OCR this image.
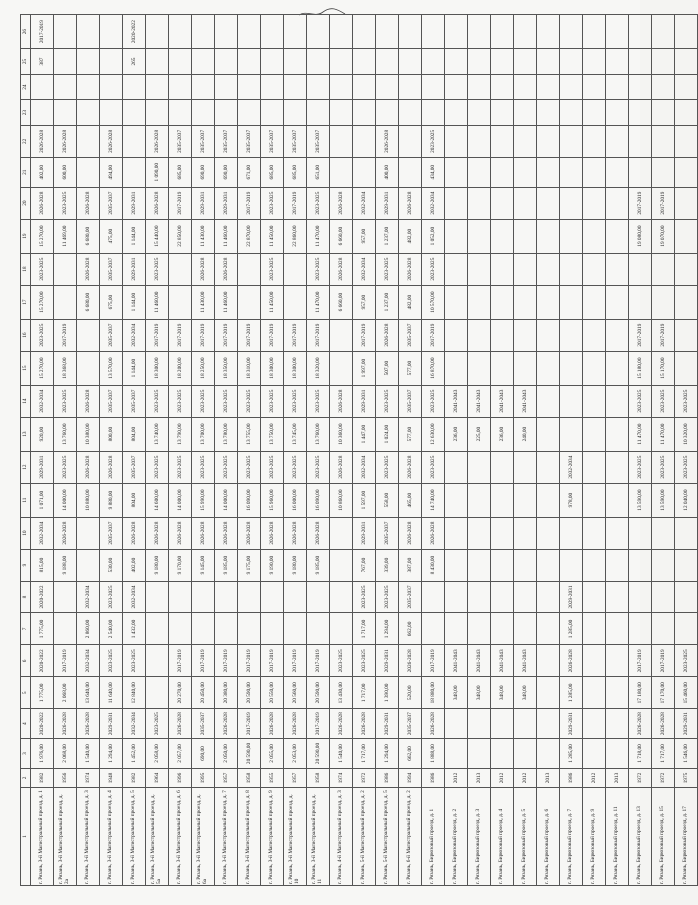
1	2	3	4	5	6	7	8	9	10	11	12	13	14	15	16	17	18	19	20	21	22	23	24	25	26
г. Рязань, 3-й Магистральный проезд, д. 1	1982	1 976,00	2020-2022	1 775,00	2020-2022	1 775,00	2020-2022	815,00	2032-2034	1 071,00	2029-2031	920,00	2032-2034	15 270,00	2023-2025	15 270,00	2023-2025	15 270,00	2026-2028	402,00	2026-2028			387	2017-2019
г. Рязань, 3-й Магистральный проезд, д. 2а	1956	2 068,00	2026-2028	2 068,00	2017-2019			9 188,00	2026-2028	14 000,00	2023-2025	13 760,00	2023-2025	18 368,00	2017-2019			11 469,00	2023-2025	600,00	2026-2028				
г. Рязань, 3-й Магистральный проезд, д. 3	1974	1 540,00	2026-2028	13 640,00	2032-2034	2 860,00	2032-2034			10 880,00	2026-2028	10 380,00	2026-2028			6 680,00	2026-2028	6 680,00	2026-2028						
г. Рязань, 3-й Магистральный проезд, д. 4	1948	1 294,00	2029-2031	11 640,00	2023-2025	2 540,00	2023-2025	530,00	2035-2037	9 880,00	2026-2028	800,00	2035-2037	13 570,00	2035-2037	675,00	2035-2037	475,00	2035-2037	494,00	2026-2028				
г. Рязань, 3-й Магистральный проезд, д. 5	1982	1 452,00	2032-2034	12 840,00	2023-2025	1 432,00	2032-2034	402,00	2026-2028	804,00	2035-2037	804,00	2035-2037	1 144,00	2032-2034	1 144,00	2029-2031	1 144,00	2029-2031					265	2020-2022
г. Рязань, 3-й Магистральный проезд, д. 5а	1964	2 058,00	2023-2025					9 180,00	2026-2028	14 600,00	2023-2025	13 740,00	2023-2025	18 300,00	2017-2019	11 460,00	2023-2025	15 440,00	2026-2028	1 090,00	2026-2028				
г. Рязань, 3-й Магистральный проезд, д. 6	1996	2 057,00	2026-2028	20 270,00	2017-2019			9 170,00	2026-2028	14 000,00	2023-2025	13 790,00	2023-2025	18 200,00	2017-2019			22 850,00	2017-2019	685,00	2035-2037				
г. Рязань, 3-й Магистральный проезд, д. 6а	1995	690,00	2035-2037	20 450,00	2017-2019			9 145,00	2026-2028	15 990,00	2023-2025	13 700,00	2023-2025	18 250,00	2017-2019	11 430,00	2026-2028	11 430,00	2029-2031	690,00	2035-2037				
г. Рязань, 3-й Магистральный проезд, д. 7	1957	2 050,00	2026-2028	20 380,00	2017-2019			9 185,00	2026-2028	14 000,00	2023-2025	13 780,00	2023-2025	18 350,00	2017-2019	11 460,00	2026-2028	11 460,00	2029-2031	690,00	2035-2037				
г. Рязань, 3-й Магистральный проезд, д. 8	1958	20 590,00	2017-2019	20 590,00	2017-2019			9 175,00	2026-2028	16 090,00	2023-2025	13 755,00	2023-2025	18 310,00	2017-2019			22 870,00	2017-2019	671,00	2035-2037				
г. Рязань, 3-й Магистральный проезд, д. 9	1955	2 055,00	2026-2028	20 550,00	2017-2019			9 190,00	2026-2028	15 960,00	2023-2025	13 750,00	2023-2025	18 300,00	2017-2019	11 450,00	2023-2025	11 450,00	2023-2025	685,00	2035-2037				
г. Рязань, 3-й Магистральный проезд, д. 10	1957	2 053,00	2026-2028	20 560,00	2017-2019			9 180,00	2026-2028	16 000,00	2023-2025	13 745,00	2023-2025	18 300,00	2017-2019			22 860,00	2017-2019	685,00	2035-2037				
г. Рязань, 3-й Магистральный проезд, д. 11	1958	20 590,00	2017-2019	20 590,00	2017-2019			9 185,00	2026-2028	16 090,00	2023-2025	13 760,00	2023-2025	18 320,00	2017-2019	11 470,00	2023-2025	11 470,00	2023-2025	651,00	2035-2037				
г. Рязань, 4-й Магистральный проезд, д. 3	1974	1 540,00	2026-2028	13 430,00	2023-2025					10 860,00	2026-2028	10 360,00	2026-2028			6 660,00	2026-2028	6 660,00	2026-2028						
г. Рязань, 5-й Магистральный проезд, д. 2	1972	1 717,00	2026-2028	1 717,00	2023-2025	1 717,00	2023-2025	767,00	2029-2031	1 597,00	2032-2034	1 447,00	2029-2031	1 997,00	2017-2019	957,00	2032-2034	957,00	2032-2034						
г. Рязань, 5-й Магистральный проезд, д. 5	1986	1 294,00	2029-2031	1 390,00	2029-2031	1 294,00	2023-2025	339,00	2035-2037	558,00	2023-2025	1 024,00	2023-2025	507,00	2026-2028	1 237,00	2023-2025	1 237,00	2029-2031	400,00	2026-2028				
г. Рязань, 6-й Магистральный проезд, д. 2	1994	662,00	2035-2037	520,00	2026-2028	662,00	2035-2037	387,00	2026-2028	465,00	2026-2028	577,00	2035-2037	577,00	2035-2037	482,00	2026-2028	482,00	2026-2028						
г. Рязань, Бирюзовый проезд, д. 1	1986	1 888,00	2026-2028	18 880,00	2017-2019			8 430,00	2026-2028	14 740,00	2023-2025	12 630,00	2023-2025	16 870,00	2017-2019	10 570,00	2023-2025	1 052,00	2032-2034	434,00	2023-2025				
г. Рязань, Бирюзовый проезд, д. 2	2012			348,00	2041-2043							236,00	2041-2043												
г. Рязань, Бирюзовый проезд, д. 3	2013			348,00	2041-2043							225,00	2041-2043												
г. Рязань, Бирюзовый проезд, д. 4	2012			348,00	2041-2043							236,00	2041-2043												
г. Рязань, Бирюзовый проезд, д. 5	2012			348,00	2041-2043							240,00	2041-2043												
г. Рязань, Бирюзовый проезд, д. 6	2013																								
г. Рязань, Бирюзовый проезд, д. 7	1986	1 285,00	2029-2031	1 285,00	2026-2028	1 285,00	2029-2031			978,00	2032-2034														
г. Рязань, Бирюзовый проезд, д. 9	2012																								
г. Рязань, Бирюзовый проезд, д. 11	2013																								
г. Рязань, Бирюзовый проезд, д. 13	1972	1 718,00	2026-2028	17 180,00	2017-2019					13 590,00	2023-2025	11 470,00	2023-2025	15 180,00	2017-2019			19 080,00	2017-2019						
г. Рязань, Бирюзовый проезд, д. 15	1972	1 717,00	2026-2028	17 170,00	2017-2019					13 590,00	2023-2025	11 470,00	2023-2025	15 170,00	2017-2019			19 070,00	2017-2019						
г. Рязань, Бирюзовый проезд, д. 17	1975	1 546,00	2029-2031	15 460,00	2023-2025					12 040,00	2023-2025	10 320,00	2023-2025												
